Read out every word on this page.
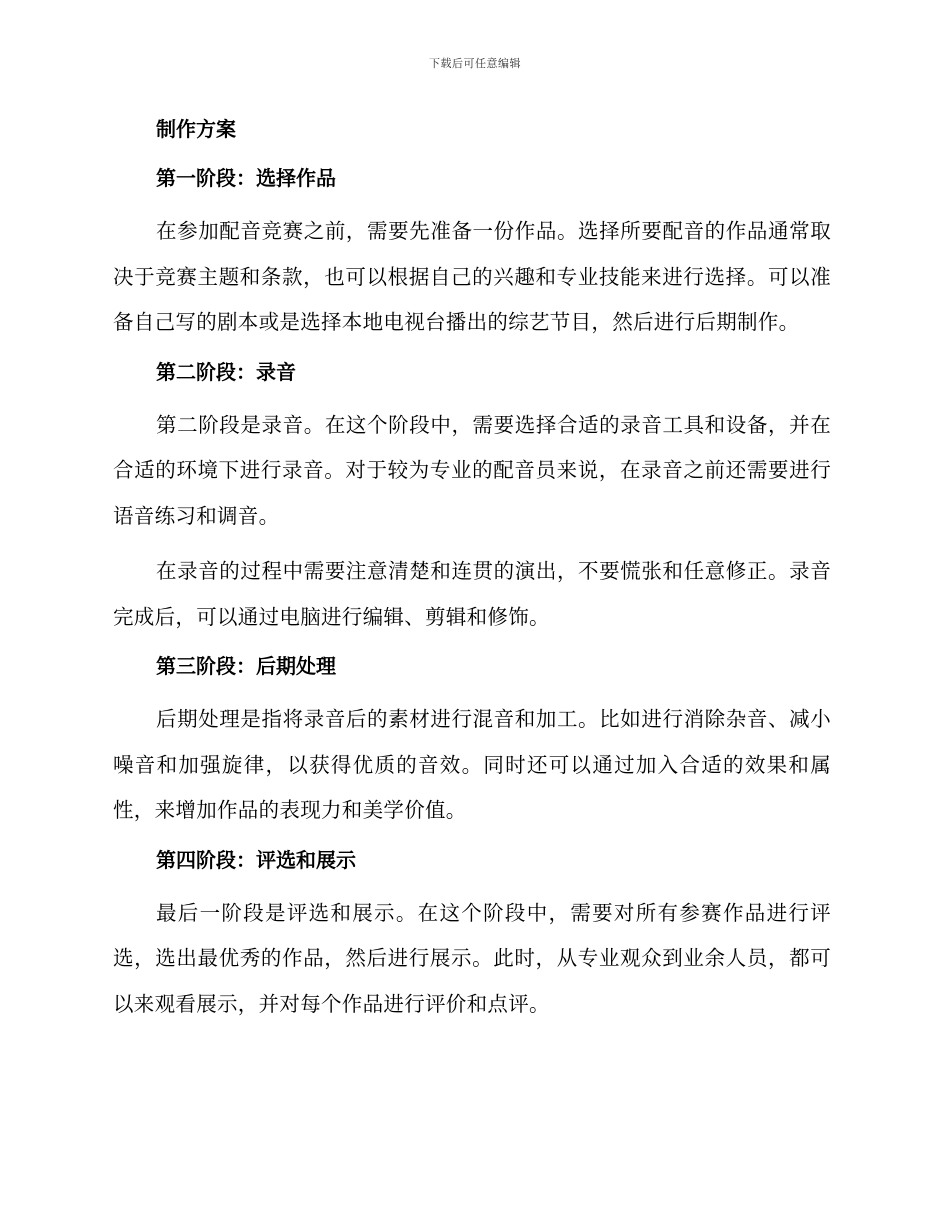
下载后可任意编辑
制作方案
第一阶段：选择作品

在参加配音竞赛之前，需要先准备一份作品。选择所要配音的作品通常取决于竞赛主题和条款，也可以根据自己的兴趣和专业技能来进行选择。可以准备自己写的剧本或是选择本地电视台播出的综艺节目，然后进行后期制作。

第二阶段：录音

第二阶段是录音。在这个阶段中，需要选择合适的录音工具和设备，并在合适的环境下进行录音。对于较为专业的配音员来说，在录音之前还需要进行语音练习和调音。

在录音的过程中需要注意清楚和连贯的演出，不要慌张和任意修正。录音完成后，可以通过电脑进行编辑、剪辑和修饰。

第三阶段：后期处理

后期处理是指将录音后的素材进行混音和加工。比如进行消除杂音、减小噪音和加强旋律，以获得优质的音效。同时还可以通过加入合适的效果和属性，来增加作品的表现力和美学价值。

第四阶段：评选和展示

最后一阶段是评选和展示。在这个阶段中，需要对所有参赛作品进行评选，选出最优秀的作品，然后进行展示。此时，从专业观众到业余人员，都可以来观看展示，并对每个作品进行评价和点评。
